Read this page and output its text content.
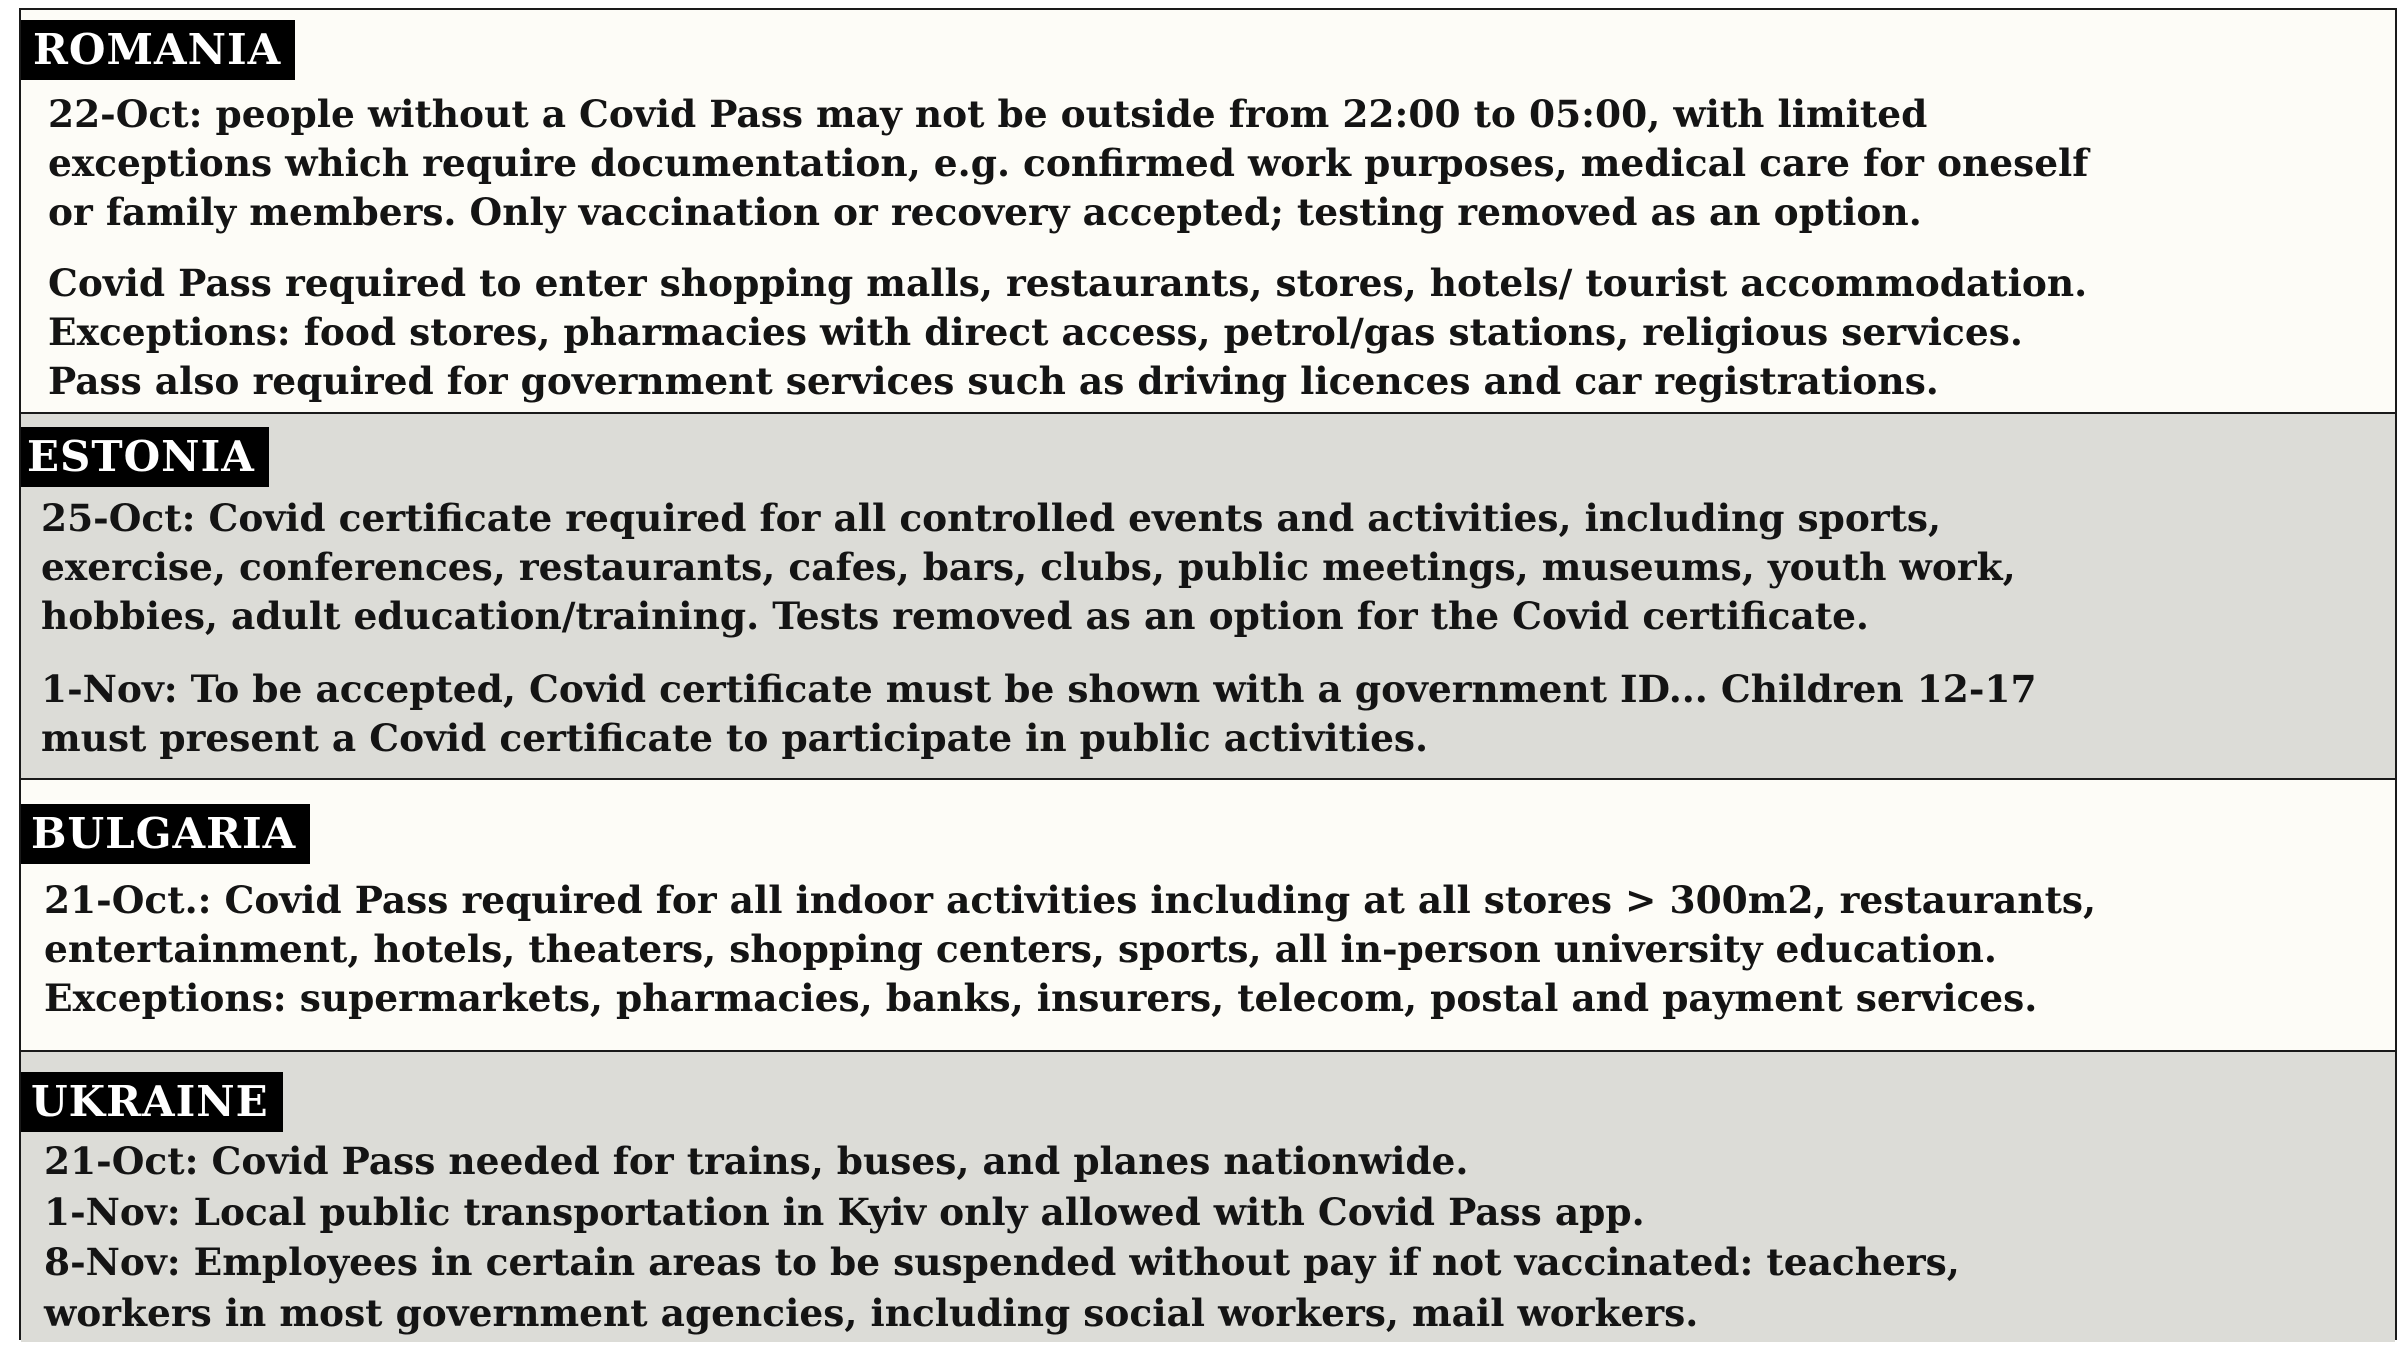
ROMANIA
22-Oct: people without a Covid Pass may not be outside from 22:00 to 05:00, with limited
exceptions which require documentation, e.g. confirmed work purposes, medical care for oneself
or family members. Only vaccination or recovery accepted; testing removed as an option.
Covid Pass required to enter shopping malls, restaurants, stores, hotels/ tourist accommodation.
Exceptions: food stores, pharmacies with direct access, petrol/gas stations, religious services.
Pass also required for government services such as driving licences and car registrations.
ESTONIA
25-Oct: Covid certificate required for all controlled events and activities, including sports,
exercise, conferences, restaurants, cafes, bars, clubs, public meetings, museums, youth work,
hobbies, adult education/training. Tests removed as an option for the Covid certificate.
1-Nov: To be accepted, Covid certificate must be shown with a government ID... Children 12-17
must present a Covid certificate to participate in public activities.
BULGARIA
21-Oct.: Covid Pass required for all indoor activities including at all stores > 300m2, restaurants,
entertainment, hotels, theaters, shopping centers, sports, all in-person university education.
Exceptions: supermarkets, pharmacies, banks, insurers, telecom, postal and payment services.
UKRAINE
21-Oct: Covid Pass needed for trains, buses, and planes nationwide.
1-Nov: Local public transportation in Kyiv only allowed with Covid Pass app.
8-Nov: Employees in certain areas to be suspended without pay if not vaccinated: teachers,
workers in most government agencies, including social workers, mail workers.
